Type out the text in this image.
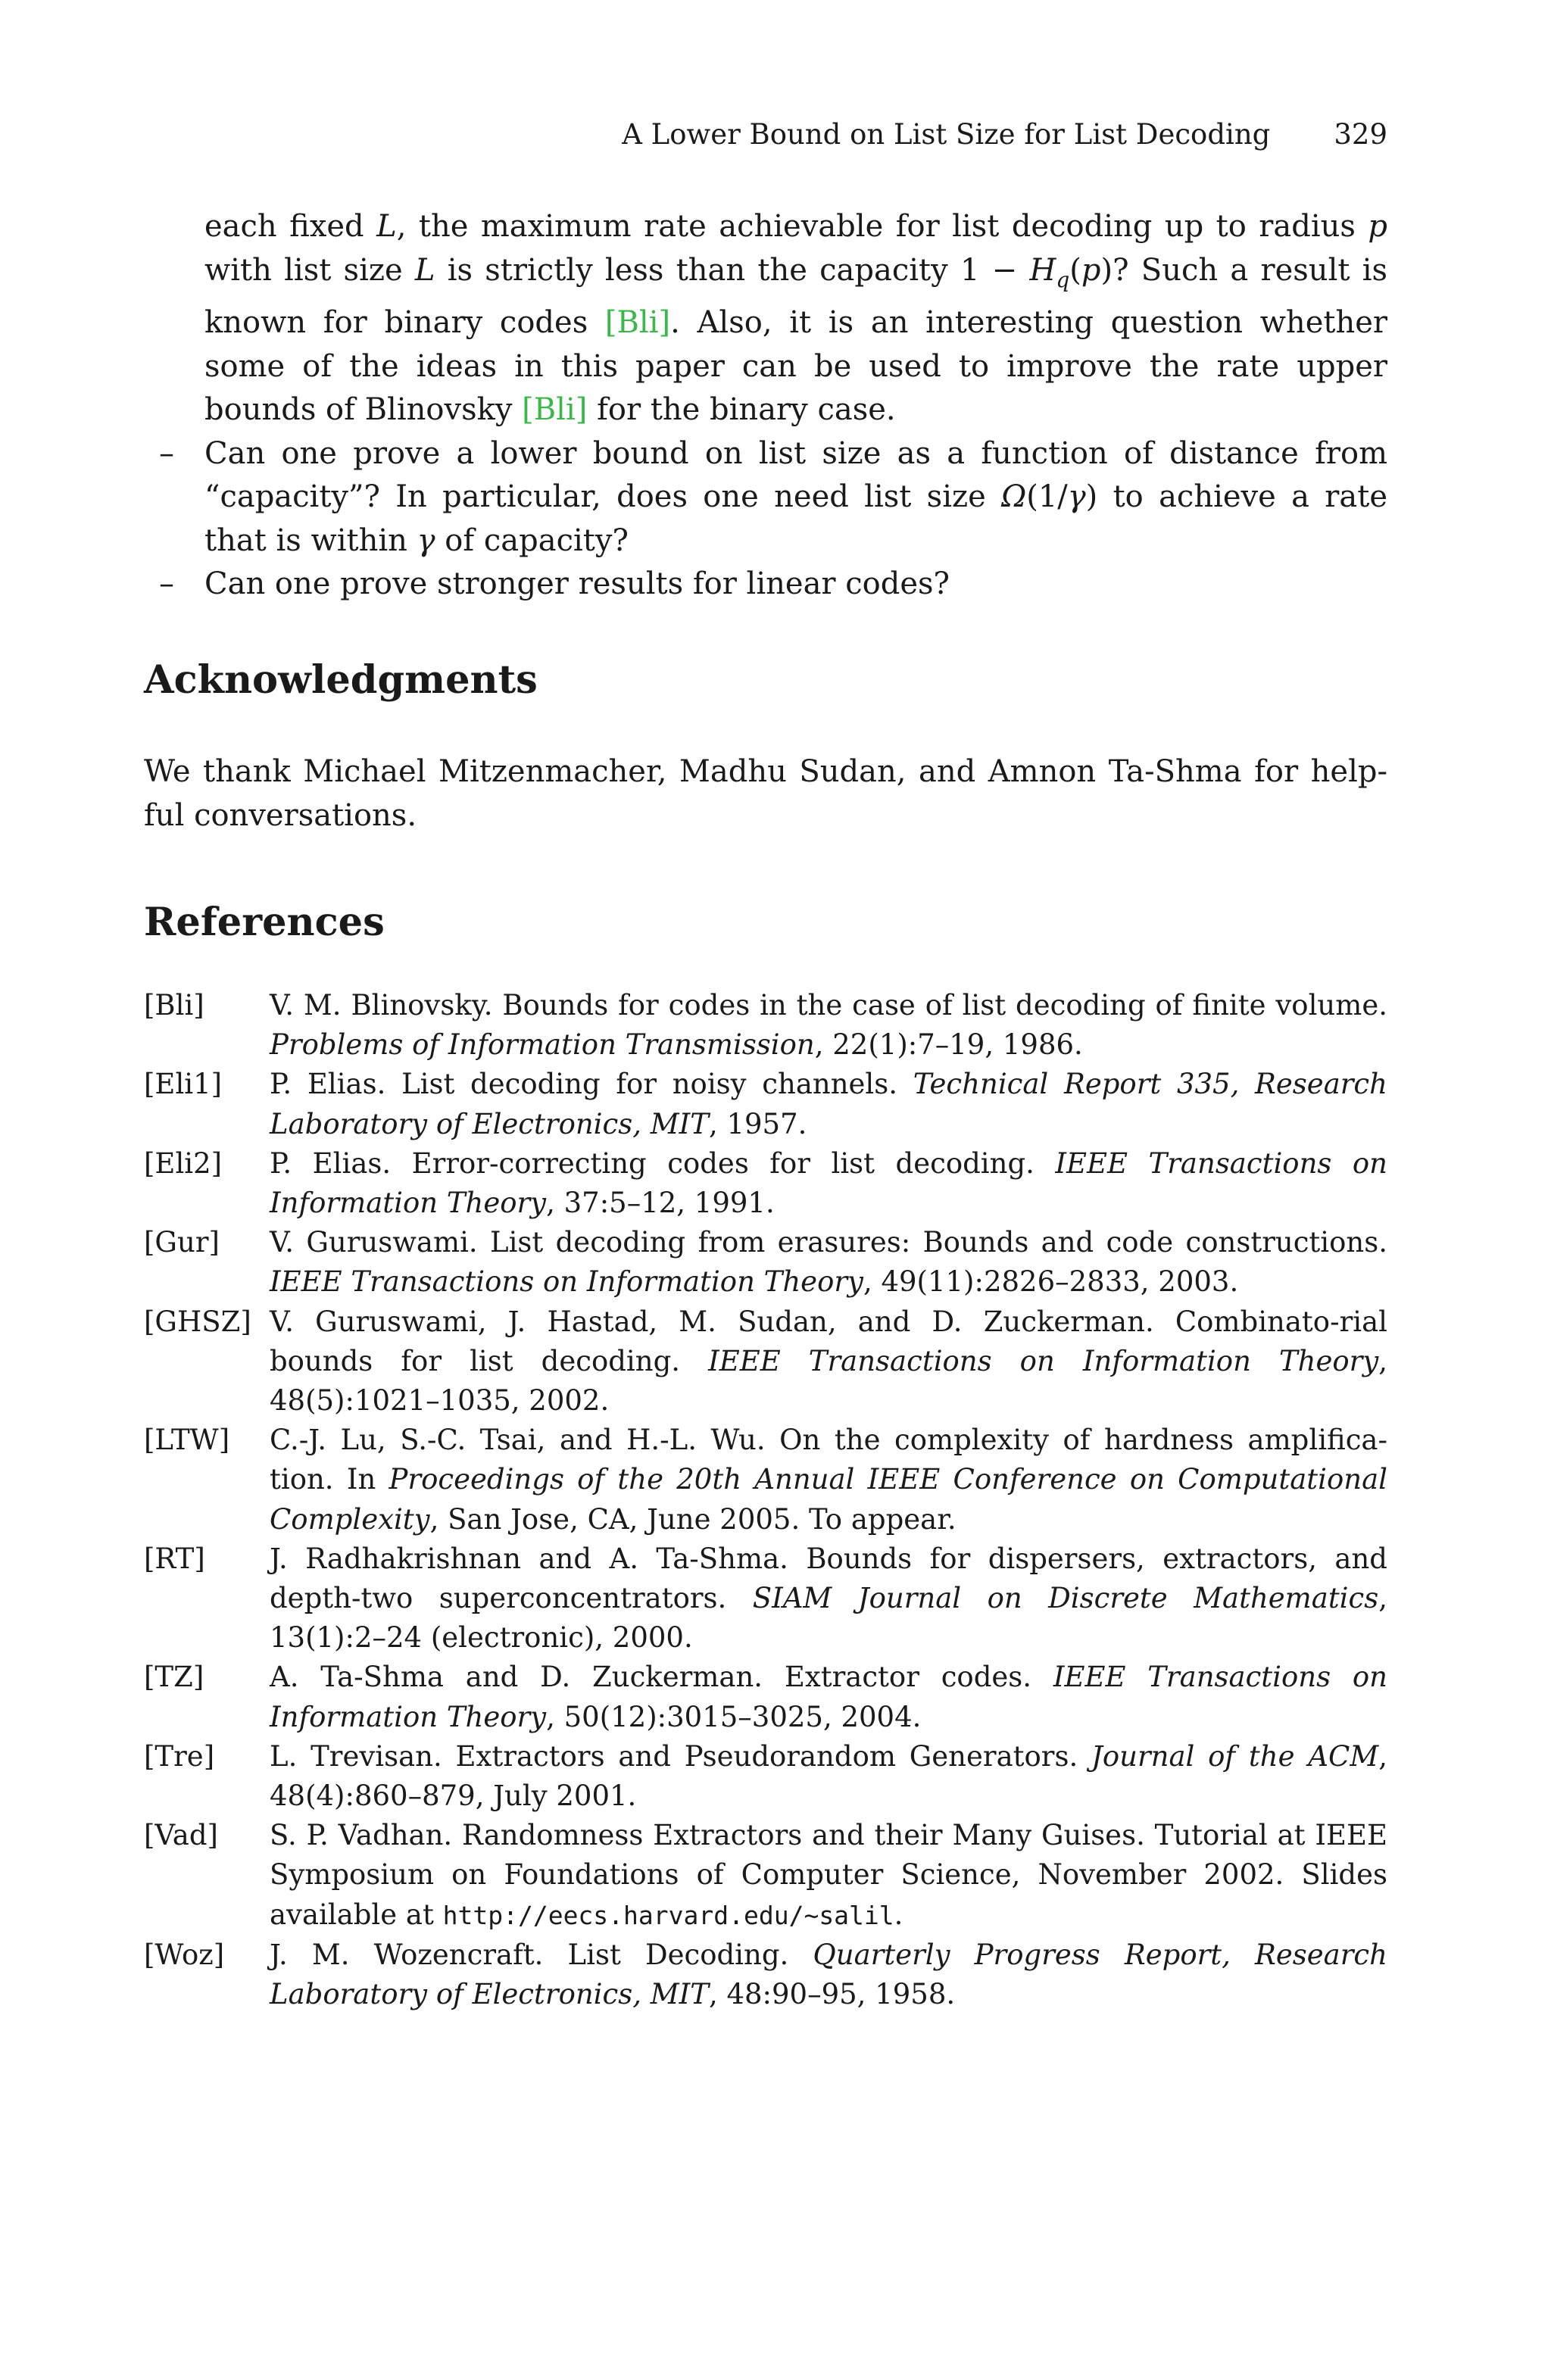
A Lower Bound on List Size for List Decoding 329
each fixed L, the maximum rate achievable for list decoding up to radius p with list size L is strictly less than the capacity $1 - H_q(p)$? Such a result is known for binary codes [Bli]. Also, it is an interesting question whether some of the ideas in this paper can be used to improve the rate upper bounds of Blinovsky [Bli] for the binary case.
– Can one prove a lower bound on list size as a function of distance from “capacity”? In particular, does one need list size Ω(1/γ) to achieve a rate that is within γ of capacity?
– Can one prove stronger results for linear codes?
Acknowledgments
We thank Michael Mitzenmacher, Madhu Sudan, and Amnon Ta-Shma for help-ful conversations.
References
[Bli] V. M. Blinovsky. Bounds for codes in the case of list decoding of finite volume. Problems of Information Transmission, 22(1):7–19, 1986.
[Eli1] P. Elias. List decoding for noisy channels. Technical Report 335, Research Laboratory of Electronics, MIT, 1957.
[Eli2] P. Elias. Error-correcting codes for list decoding. IEEE Transactions on Information Theory, 37:5–12, 1991.
[Gur] V. Guruswami. List decoding from erasures: Bounds and code constructions. IEEE Transactions on Information Theory, 49(11):2826–2833, 2003.
[GHSZ] V. Guruswami, J. Hastad, M. Sudan, and D. Zuckerman. Combinato-rial bounds for list decoding. IEEE Transactions on Information Theory, 48(5):1021–1035, 2002.
[LTW] C.-J. Lu, S.-C. Tsai, and H.-L. Wu. On the complexity of hardness amplifica-tion. In Proceedings of the 20th Annual IEEE Conference on Computational Complexity, San Jose, CA, June 2005. To appear.
[RT] J. Radhakrishnan and A. Ta-Shma. Bounds for dispersers, extractors, and depth-two superconcentrators. SIAM Journal on Discrete Mathematics, 13(1):2–24 (electronic), 2000.
[TZ] A. Ta-Shma and D. Zuckerman. Extractor codes. IEEE Transactions on Information Theory, 50(12):3015–3025, 2004.
[Tre] L. Trevisan. Extractors and Pseudorandom Generators. Journal of the ACM, 48(4):860–879, July 2001.
[Vad] S. P. Vadhan. Randomness Extractors and their Many Guises. Tutorial at IEEE Symposium on Foundations of Computer Science, November 2002. Slides available at http://eecs.harvard.edu/~salil.
[Woz] J. M. Wozencraft. List Decoding. Quarterly Progress Report, Research Laboratory of Electronics, MIT, 48:90–95, 1958.
